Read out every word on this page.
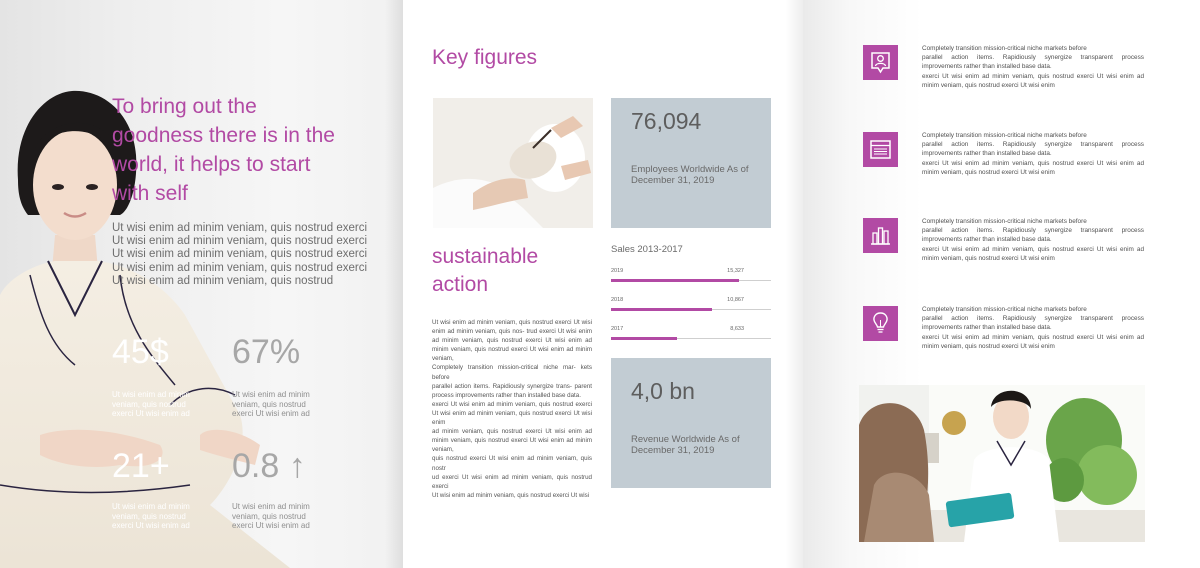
To bring out the goodness there is in the world, it helps to start with self
Ut wisi enim ad minim veniam, quis nostrud exerci Ut wisi enim ad minim veniam, quis nostrud exerci Ut wisi enim ad minim veniam, quis nostrud exerci Ut wisi enim ad minim veniam, quis nostrud exerci Ut wisi enim ad minim veniam, quis nostrud
45$
Ut wisi enim ad minim veniam, quis nostrud exerci Ut wisi enim ad
67%
Ut wisi enim ad minim veniam, quis nostrud exerci Ut wisi enim ad
21+
Ut wisi enim ad minim veniam, quis nostrud exerci Ut wisi enim ad
0.8 ↑
Ut wisi enim ad minim veniam, quis nostrud exerci Ut wisi enim ad
Key figures
sustainable action
Ut wisi enim ad minim veniam, quis nostrud exerci Ut wisi enim ad minim veniam, quis nos- trud exerci Ut wisi enim ad minim veniam, quis nostrud exerci Ut wisi enim ad minim veniam, quis nostrud exerci Ut wisi enim ad minim veniam,
Completely transition mission-critical niche mar- kets before
parallel action items. Rapidiously synergize trans- parent process improvements rather than installed base data.
exerci Ut wisi enim ad minim veniam, quis nostrud exerci Ut wisi enim ad minim veniam, quis nostrud exerci Ut wisi enim
ad minim veniam, quis nostrud exerci Ut wisi enim ad minim veniam, quis nostrud exerci Ut wisi enim ad minim veniam,
quis nostrud exerci Ut wisi enim ad minim veniam, quis nostr
ud exerci Ut wisi enim ad minim veniam, quis nostrud exerci
Ut wisi enim ad minim veniam, quis nostrud exerci Ut wisi
76,094
Employees Worldwide As of December 31, 2019
Sales 2013-2017
2019	15,327
2018	10,867
2017	8,633
4,0 bn
Revenue Worldwide As of December 31, 2019
Completely transition mission-critical niche markets before
parallel action items. Rapidiously synergize transparent process improvements rather than installed base data.
exerci Ut wisi enim ad minim veniam, quis nostrud exerci Ut wisi enim ad minim veniam, quis nostrud exerci Ut wisi enim
Completely transition mission-critical niche markets before
parallel action items. Rapidiously synergize transparent process improvements rather than installed base data.
exerci Ut wisi enim ad minim veniam, quis nostrud exerci Ut wisi enim ad minim veniam, quis nostrud exerci Ut wisi enim
Completely transition mission-critical niche markets before
parallel action items. Rapidiously synergize transparent process improvements rather than installed base data.
exerci Ut wisi enim ad minim veniam, quis nostrud exerci Ut wisi enim ad minim veniam, quis nostrud exerci Ut wisi enim
Completely transition mission-critical niche markets before
parallel action items. Rapidiously synergize transparent process improvements rather than installed base data.
exerci Ut wisi enim ad minim veniam, quis nostrud exerci Ut wisi enim ad minim veniam, quis nostrud exerci Ut wisi enim
